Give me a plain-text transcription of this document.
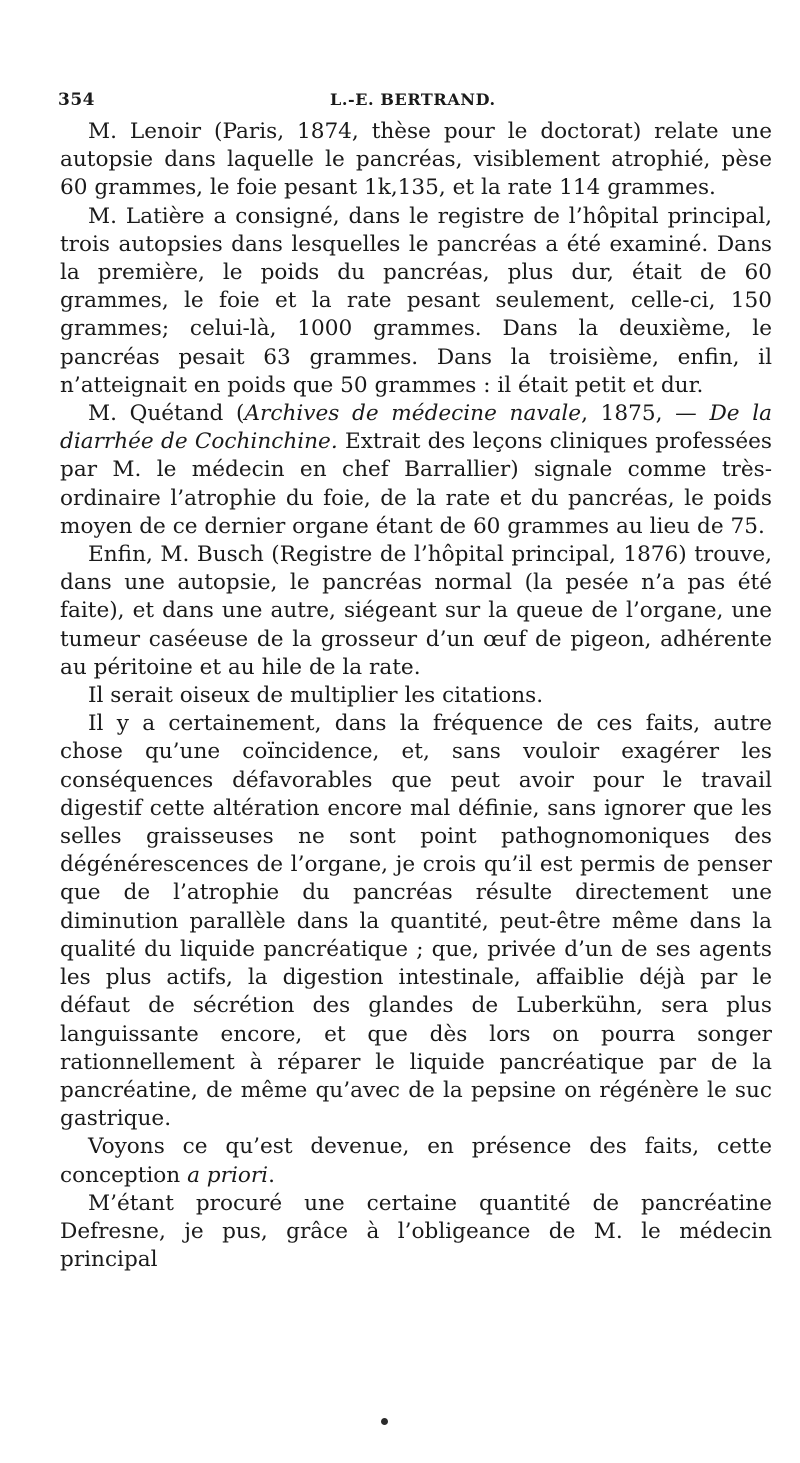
354	L.-E. BERTRAND.

M. Lenoir (Paris, 1874, thèse pour le doctorat) relate une autopsie dans laquelle le pancréas, visiblement atrophié, pèse 60 grammes, le foie pesant 1k,135, et la rate 114 grammes.

M. Latière a consigné, dans le registre de l’hôpital principal, trois autopsies dans lesquelles le pancréas a été examiné. Dans la première, le poids du pancréas, plus dur, était de 60 grammes, le foie et la rate pesant seulement, celle-ci, 150 grammes; celui-là, 1000 grammes. Dans la deuxième, le pancréas pesait 63 grammes. Dans la troisième, enfin, il n’atteignait en poids que 50 grammes : il était petit et dur.

M. Quétand (Archives de médecine navale, 1875, — De la diarrhée de Cochinchine. Extrait des leçons cliniques professées par M. le médecin en chef Barrallier) signale comme très-ordinaire l’atrophie du foie, de la rate et du pancréas, le poids moyen de ce dernier organe étant de 60 grammes au lieu de 75.

Enfin, M. Busch (Registre de l’hôpital principal, 1876) trouve, dans une autopsie, le pancréas normal (la pesée n’a pas été faite), et dans une autre, siégeant sur la queue de l’organe, une tumeur caséeuse de la grosseur d’un œuf de pigeon, adhérente au péritoine et au hile de la rate.

Il serait oiseux de multiplier les citations.

Il y a certainement, dans la fréquence de ces faits, autre chose qu’une coïncidence, et, sans vouloir exagérer les conséquences défavorables que peut avoir pour le travail digestif cette altération encore mal définie, sans ignorer que les selles graisseuses ne sont point pathognomoniques des dégénérescences de l’organe, je crois qu’il est permis de penser que de l’atrophie du pancréas résulte directement une diminution parallèle dans la quantité, peut-être même dans la qualité du liquide pancréatique ; que, privée d’un de ses agents les plus actifs, la digestion intestinale, affaiblie déjà par le défaut de sécrétion des glandes de Luberkühn, sera plus languissante encore, et que dès lors on pourra songer rationnellement à réparer le liquide pancréatique par de la pancréatine, de même qu’avec de la pepsine on régénère le suc gastrique.

Voyons ce qu’est devenue, en présence des faits, cette conception a priori.

M’étant procuré une certaine quantité de pancréatine Defresne, je pus, grâce à l’obligeance de M. le médecin principal
